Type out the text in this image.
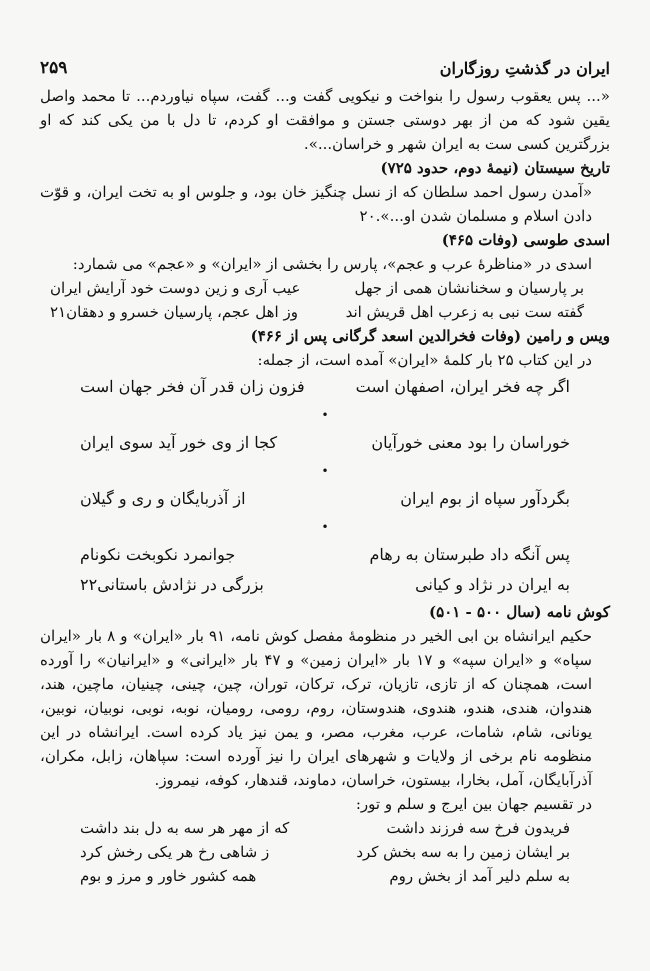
۲۵۹	ایران در گذشتِ روزگاران

«... پس یعقوب رسول را بنواخت و نیکویی گفت و... گفت، سپاه نیاوردم... تا محمد واصل یقین شود که من از بهر دوستی جستن و موافقت او کردم، تا دل با من یکی کند که او بزرگترین کسی ست به ایران شهر و خراسان...».

تاریخ سیستان (نیمهٔ دوم، حدود ۷۲۵)

«آمدن رسول احمد سلطان که از نسل چنگیز خان بود، و جلوس او به تخت ایران، و قوّت دادن اسلام و مسلمان شدن او...».۲۰

اسدی طوسی (وفات ۴۶۵)

اسدی در «مناظرهٔ عرب و عجم»، پارس را بخشی از «ایران» و «عجم» می شمارد:

بر پارسیان و سخنانشان همی از جهل
عیب آری و زین دوست خود آرایش ایران
گفته ست نبی به زعرب اهل قریش اند
وز اهل عجم، پارسیان خسرو و دهقان۲۱

ویس و رامین (وفات فخرالدین اسعد گرگانی پس از ۴۶۶)

در این کتاب ۲۵ بار کلمهٔ «ایران» آمده است، از جمله:

اگر چه فخر ایران، اصفهان است
فزون زان قدر آن فخر جهان است
•
خوراسان را بود معنی خورآیان
کجا از وی خور آید سوی ایران
•
بگردآور سپاه از بوم ایران
از آذربایگان و ری و گیلان
•
پس آنگه داد طبرستان به رهام
جوانمرد نکوبخت نکونام
به ایران در نژاد و کیانی
بزرگی در نژادش باستانی۲۲

کوش نامه (سال ۵۰۰ - ۵۰۱)

حکیم ایرانشاه بن ابی الخیر در منظومهٔ مفصل کوش نامه، ۹۱ بار «ایران» و ۸ بار «ایران سپاه» و «ایران سپه» و ۱۷ بار «ایران زمین» و ۴۷ بار «ایرانی» و «ایرانیان» را آورده است، همچنان که از تازی، تازیان، ترک، ترکان، توران، چین، چینی، چینیان، ماچین، هند، هندوان، هندی، هندو، هندوی، هندوستان، روم، رومی، رومیان، نوبه، نوبی، نوبیان، نوبین، یونانی، شام، شامات، عرب، مغرب، مصر، و یمن نیز یاد کرده است. ایرانشاه در این منظومه نام برخی از ولایات و شهرهای ایران را نیز آورده است: سپاهان، زابل، مکران، آذرآبایگان، آمل، بخارا، بیستون، خراسان، دماوند، قندهار، کوفه، نیمروز.

در تقسیم جهان بین ایرج و سلم و تور:

فریدون فرخ سه فرزند داشت
که از مهر هر سه به دل بند داشت
بر ایشان زمین را به سه بخش کرد
ز شاهی رخ هر یکی رخش کرد
به سلم دلیر آمد از بخش روم
همه کشور خاور و مرز و بوم
